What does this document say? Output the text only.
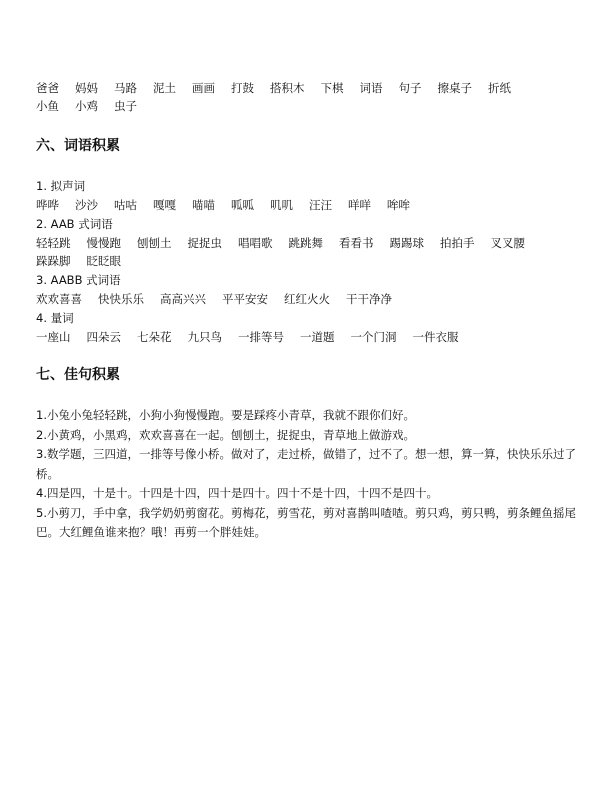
爸爸 妈妈 马路 泥土 画画 打鼓 搭积木 下棋 词语 句子 擦桌子 折纸小鱼 小鸡 虫子
六、词语积累
1. 拟声词
哗哗 沙沙 咕咕 嘎嘎 喵喵 呱呱 叽叽 汪汪 咩咩 哞哞
2. AAB 式词语
轻轻跳 慢慢跑 刨刨土 捉捉虫 唱唱歌 跳跳舞 看看书 踢踢球 拍拍手 叉叉腰跺跺脚 眨眨眼
3. AABB 式词语
欢欢喜喜 快快乐乐 高高兴兴 平平安安 红红火火 干干净净
4. 量词
一座山 四朵云 七朵花 九只鸟 一排等号 一道题 一个门洞 一件衣服
七、佳句积累

1.小兔小兔轻轻跳，小狗小狗慢慢跑。要是踩疼小青草，我就不跟你们好。

2.小黄鸡，小黑鸡，欢欢喜喜在一起。刨刨土，捉捉虫，青草地上做游戏。

3.数学题，三四道，一排等号像小桥。做对了，走过桥，做错了，过不了。想一想，算一算，快快乐乐过了桥。

4.四是四，十是十。十四是十四，四十是四十。四十不是十四，十四不是四十。

5.小剪刀，手中拿，我学奶奶剪窗花。剪梅花，剪雪花，剪对喜鹊叫喳喳。剪只鸡，剪只鸭，剪条鲤鱼摇尾巴。大红鲤鱼谁来抱？哦！再剪一个胖娃娃。
